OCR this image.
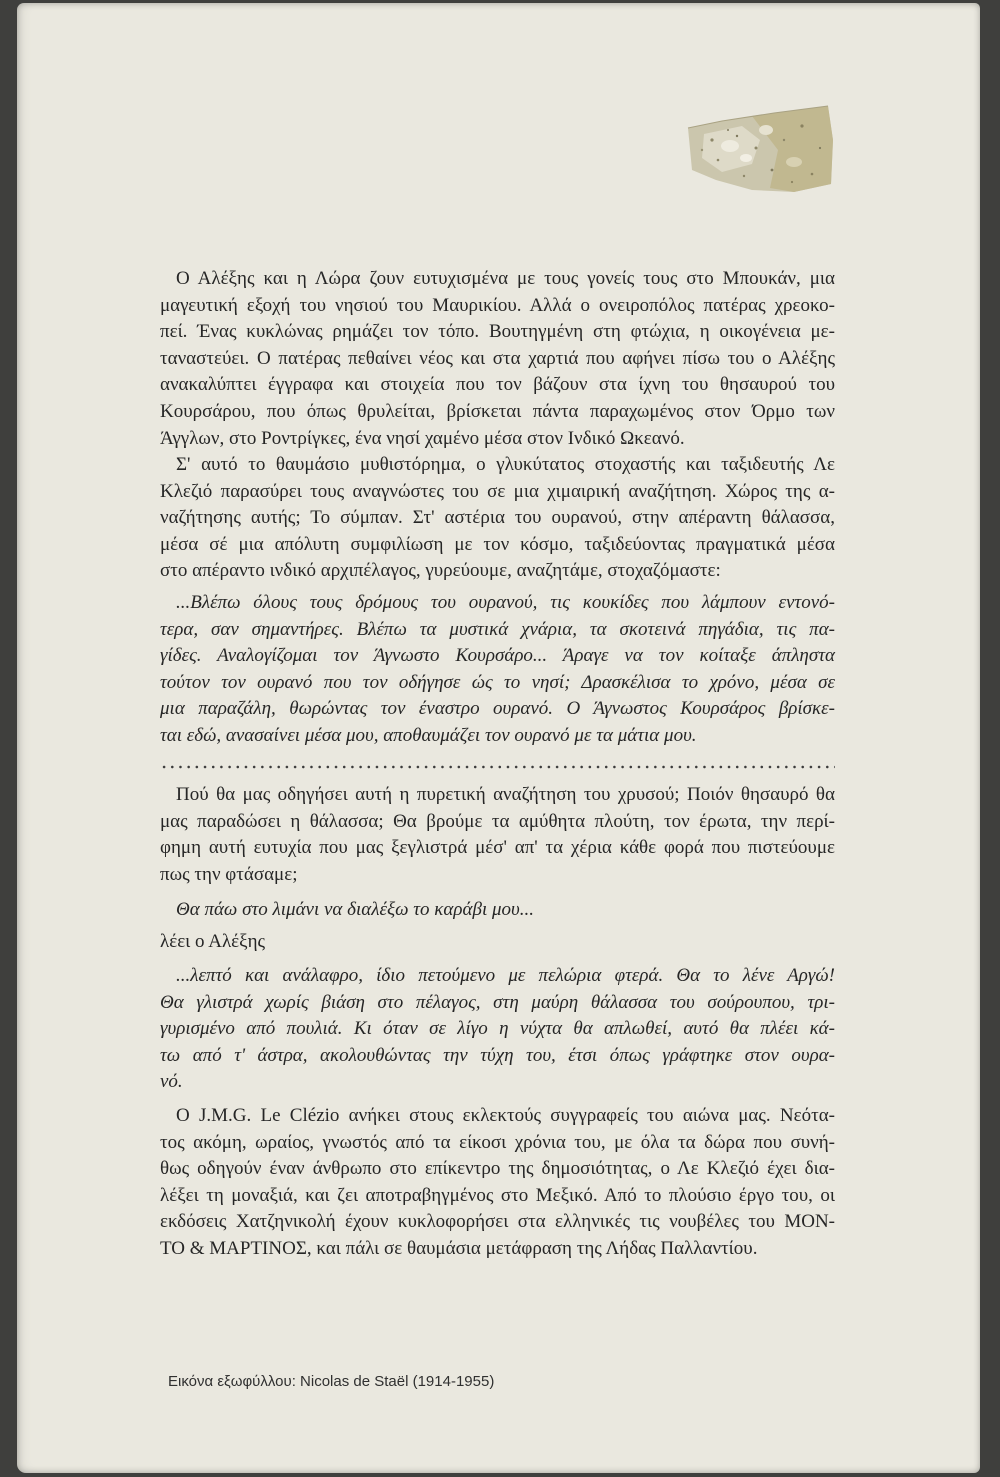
Ο Αλέξης και η Λώρα ζουν ευτυχισμένα με τους γονείς τους στο Μπουκάν, μια
μαγευτική εξοχή του νησιού του Μαυρικίου. Αλλά ο ονειροπόλος πατέρας χρεοκο-
πεί. Ένας κυκλώνας ρημάζει τον τόπο. Βουτηγμένη στη φτώχια, η οικογένεια με-
ταναστεύει. Ο πατέρας πεθαίνει νέος και στα χαρτιά που αφήνει πίσω του ο Αλέξης
ανακαλύπτει έγγραφα και στοιχεία που τον βάζουν στα ίχνη του θησαυρού του
Κουρσάρου, που όπως θρυλείται, βρίσκεται πάντα παραχωμένος στον Όρμο των
Άγγλων, στο Ροντρίγκες, ένα νησί χαμένο μέσα στον Ινδικό Ωκεανό.
Σ' αυτό το θαυμάσιο μυθιστόρημα, ο γλυκύτατος στοχαστής και ταξιδευτής Λε
Κλεζιό παρασύρει τους αναγνώστες του σε μια χιμαιρική αναζήτηση. Χώρος της α-
ναζήτησης αυτής; Το σύμπαν. Στ' αστέρια του ουρανού, στην απέραντη θάλασσα,
μέσα σέ μια απόλυτη συμφιλίωση με τον κόσμο, ταξιδεύοντας πραγματικά μέσα
στο απέραντο ινδικό αρχιπέλαγος, γυρεύουμε, αναζητάμε, στοχαζόμαστε:
...Βλέπω όλους τους δρόμους του ουρανού, τις κουκίδες που λάμπουν εντονό-
τερα, σαν σημαντήρες. Βλέπω τα μυστικά χνάρια, τα σκοτεινά πηγάδια, τις πα-
γίδες. Αναλογίζομαι τον Άγνωστο Κουρσάρο... Άραγε να τον κοίταξε άπληστα
τούτον τον ουρανό που τον οδήγησε ώς το νησί; Δρασκέλισα το χρόνο, μέσα σε
μια παραζάλη, θωρώντας τον έναστρο ουρανό. Ο Άγνωστος Κουρσάρος βρίσκε-
ται εδώ, ανασαίνει μέσα μου, αποθαυμάζει τον ουρανό με τα μάτια μου.
Πού θα μας οδηγήσει αυτή η πυρετική αναζήτηση του χρυσού; Ποιόν θησαυρό θα
μας παραδώσει η θάλασσα; Θα βρούμε τα αμύθητα πλούτη, τον έρωτα, την περί-
φημη αυτή ευτυχία που μας ξεγλιστρά μέσ' απ' τα χέρια κάθε φορά που πιστεύουμε
πως την φτάσαμε;
Θα πάω στο λιμάνι να διαλέξω το καράβι μου...
λέει ο Αλέξης
...λεπτό και ανάλαφρο, ίδιο πετούμενο με πελώρια φτερά. Θα το λένε Αργώ!
Θα γλιστρά χωρίς βιάση στο πέλαγος, στη μαύρη θάλασσα του σούρουπου, τρι-
γυρισμένο από πουλιά. Κι όταν σε λίγο η νύχτα θα απλωθεί, αυτό θα πλέει κά-
τω από τ' άστρα, ακολουθώντας την τύχη του, έτσι όπως γράφτηκε στον ουρα-
νό.
Ο J.M.G. Le Clézio ανήκει στους εκλεκτούς συγγραφείς του αιώνα μας. Νεότα-
τος ακόμη, ωραίος, γνωστός από τα είκοσι χρόνια του, με όλα τα δώρα που συνή-
θως οδηγούν έναν άνθρωπο στο επίκεντρο της δημοσιότητας, ο Λε Κλεζιό έχει δια-
λέξει τη μοναξιά, και ζει αποτραβηγμένος στο Μεξικό. Από το πλούσιο έργο του, οι
εκδόσεις Χατζηνικολή έχουν κυκλοφορήσει στα ελληνικές τις νουβέλες του ΜΟΝ-
ΤΟ & ΜΑΡΤΙΝΟΣ, και πάλι σε θαυμάσια μετάφραση της Λήδας Παλλαντίου.
Εικόνα εξωφύλλου: Nicolas de Staël (1914-1955)
